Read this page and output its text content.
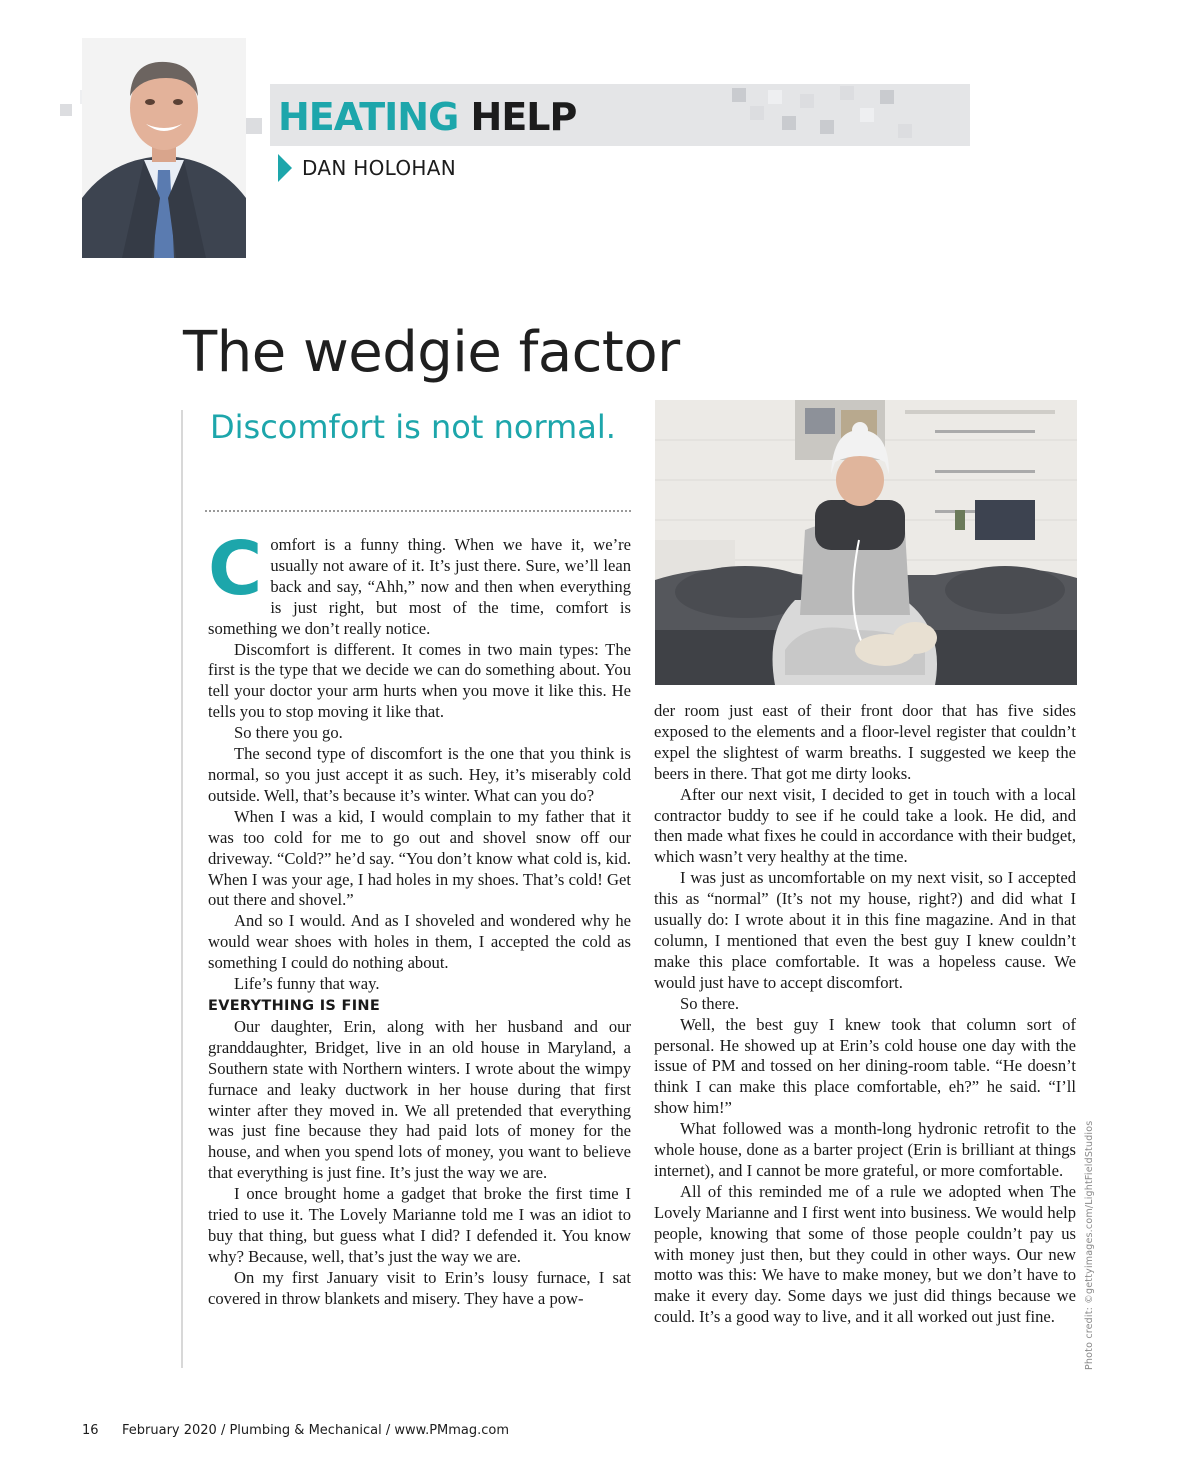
HEATING HELP
DAN HOLOHAN
The wedgie factor
Discomfort is not normal.

Comfort is a funny thing. When we have it, we’re usually not aware of it. It’s just there. Sure, we’ll lean back and say, “Ahh,” now and then when everything is just right, but most of the time, comfort is something we don’t really notice.

Discomfort is different. It comes in two main types: The first is the type that we decide we can do something about. You tell your doctor your arm hurts when you move it like this. He tells you to stop moving it like that.

So there you go.

The second type of discomfort is the one that you think is normal, so you just accept it as such. Hey, it’s miserably cold outside. Well, that’s because it’s winter. What can you do?

When I was a kid, I would complain to my father that it was too cold for me to go out and shovel snow off our driveway. “Cold?” he’d say. “You don’t know what cold is, kid. When I was your age, I had holes in my shoes. That’s cold! Get out there and shovel.”

And so I would. And as I shoveled and wondered why he would wear shoes with holes in them, I accepted the cold as something I could do nothing about.

Life’s funny that way.

EVERYTHING IS FINE

Our daughter, Erin, along with her husband and our granddaughter, Bridget, live in an old house in Maryland, a Southern state with Northern winters. I wrote about the wimpy furnace and leaky ductwork in her house during that first winter after they moved in. We all pretended that everything was just fine because they had paid lots of money for the house, and when you spend lots of money, you want to believe that everything is just fine. It’s just the way we are.

I once brought home a gadget that broke the first time I tried to use it. The Lovely Marianne told me I was an idiot to buy that thing, but guess what I did? I defended it. You know why? Because, well, that’s just the way we are.

On my first January visit to Erin’s lousy furnace, I sat covered in throw blankets and misery. They have a pow-

der room just east of their front door that has five sides exposed to the elements and a floor-level register that couldn’t expel the slightest of warm breaths. I suggested we keep the beers in there. That got me dirty looks.

After our next visit, I decided to get in touch with a local contractor buddy to see if he could take a look. He did, and then made what fixes he could in accordance with their budget, which wasn’t very healthy at the time.

I was just as uncomfortable on my next visit, so I accepted this as “normal” (It’s not my house, right?) and did what I usually do: I wrote about it in this fine magazine. And in that column, I mentioned that even the best guy I knew couldn’t make this place comfortable. It was a hopeless cause. We would just have to accept discomfort.

So there.

Well, the best guy I knew took that column sort of personal. He showed up at Erin’s cold house one day with the issue of PM and tossed on her dining-room table. “He doesn’t think I can make this place comfortable, eh?” he said. “I’ll show him!”

What followed was a month-long hydronic retrofit to the whole house, done as a barter project (Erin is brilliant at things internet), and I cannot be more grateful, or more comfortable.

All of this reminded me of a rule we adopted when The Lovely Marianne and I first went into business. We would help people, knowing that some of those people couldn’t pay us with money just then, but they could in other ways. Our new motto was this: We have to make money, but we don’t have to make it every day. Some days we just did things because we could. It’s a good way to live, and it all worked out just fine.	Photo credit: ©gettyimages.com/LightFieldStudios
16	February 2020 / Plumbing & Mechanical / www.PMmag.com
